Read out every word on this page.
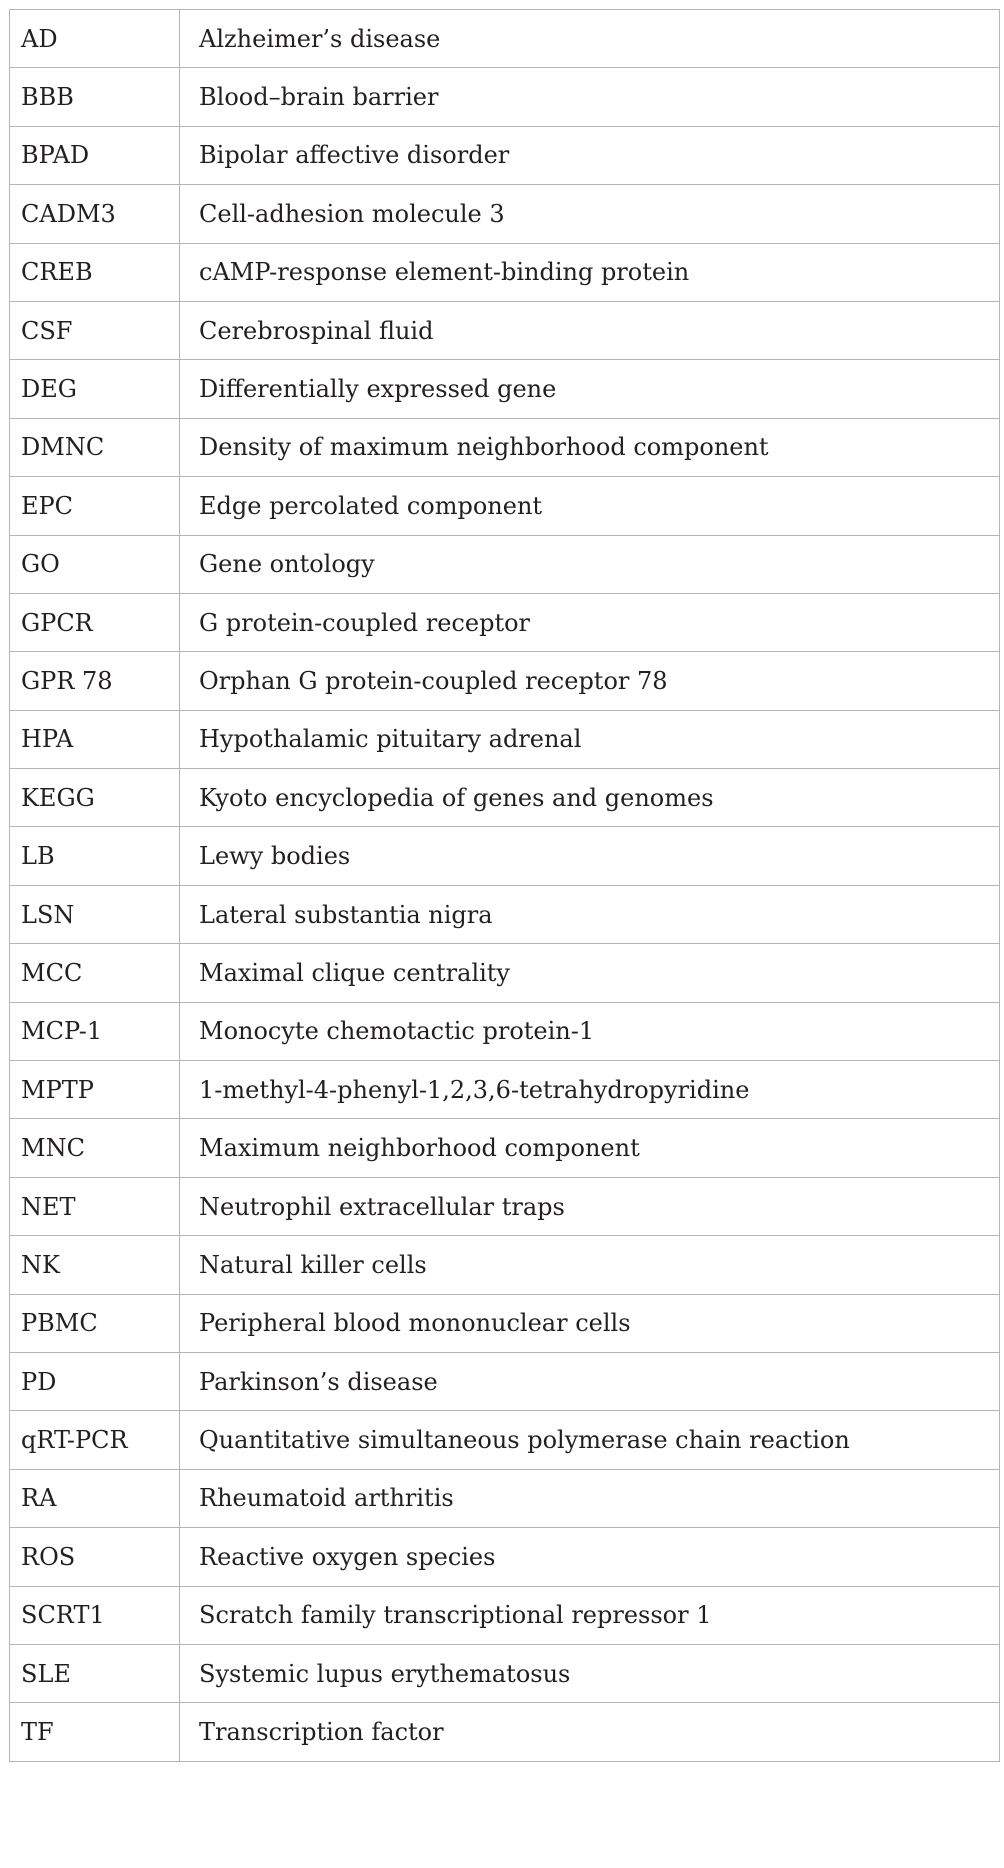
AD	Alzheimer’s disease
BBB	Blood–brain barrier
BPAD	Bipolar affective disorder
CADM3	Cell-adhesion molecule 3
CREB	cAMP-response element-binding protein
CSF	Cerebrospinal fluid
DEG	Differentially expressed gene
DMNC	Density of maximum neighborhood component
EPC	Edge percolated component
GO	Gene ontology
GPCR	G protein-coupled receptor
GPR 78	Orphan G protein-coupled receptor 78
HPA	Hypothalamic pituitary adrenal
KEGG	Kyoto encyclopedia of genes and genomes
LB	Lewy bodies
LSN	Lateral substantia nigra
MCC	Maximal clique centrality
MCP-1	Monocyte chemotactic protein-1
MPTP	1-methyl-4-phenyl-1,2,3,6-tetrahydropyridine
MNC	Maximum neighborhood component
NET	Neutrophil extracellular traps
NK	Natural killer cells
PBMC	Peripheral blood mononuclear cells
PD	Parkinson’s disease
qRT-PCR	Quantitative simultaneous polymerase chain reaction
RA	Rheumatoid arthritis
ROS	Reactive oxygen species
SCRT1	Scratch family transcriptional repressor 1
SLE	Systemic lupus erythematosus
TF	Transcription factor
